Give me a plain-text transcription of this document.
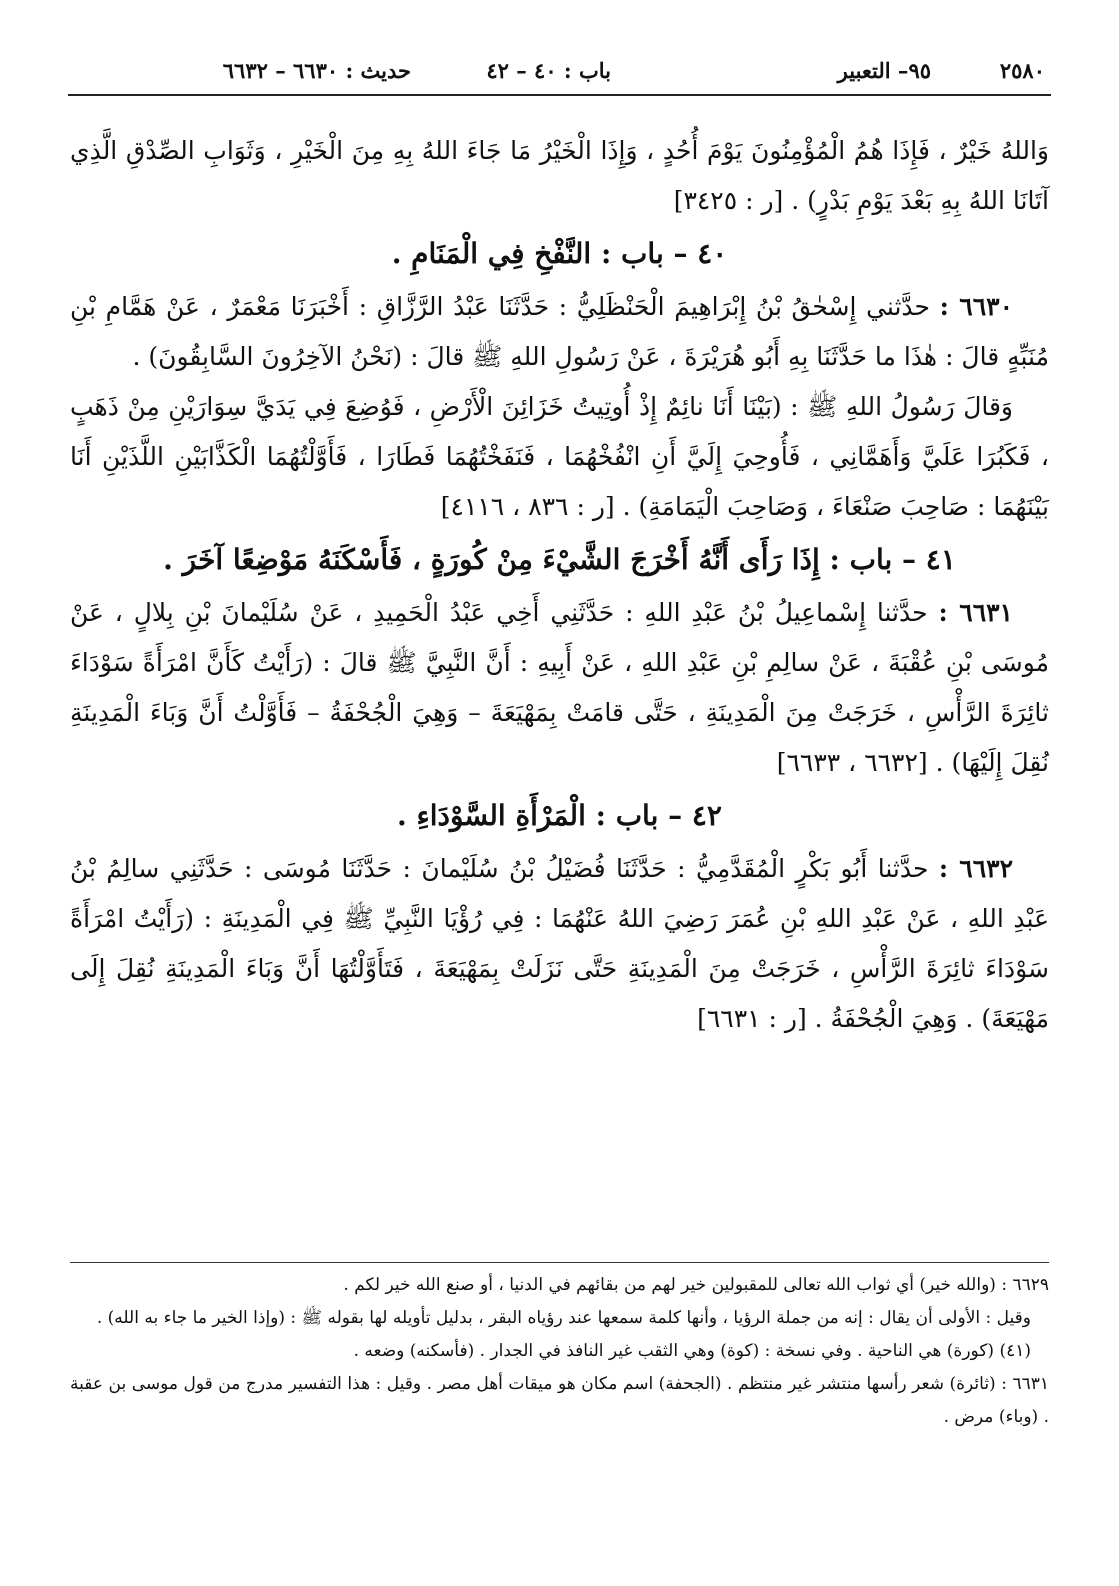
٢٥٨٠
٩٥– التعبير
باب : ٤٠ – ٤٢
حديث : ٦٦٣٠ – ٦٦٣٢

وَاللهُ خَيْرٌ ، فَإِذَا هُمُ الْمُؤْمِنُونَ يَوْمَ أُحُدٍ ، وَإِذَا الْخَيْرُ مَا جَاءَ اللهُ بِهِ مِنَ الْخَيْرِ ، وَثَوَابِ الصِّدْقِ الَّذِي آتَانَا اللهُ بِهِ بَعْدَ يَوْمِ بَدْرٍ) . [ر : ٣٤٢٥]

٤٠ – باب : النَّفْخِ فِي الْمَنَامِ .

٦٦٣٠ : حدَّثني إِسْحٰقُ بْنُ إِبْرَاهِيمَ الْحَنْظَلِيُّ : حَدَّثَنَا عَبْدُ الرَّزَّاقِ : أَخْبَرَنَا مَعْمَرٌ ، عَنْ هَمَّامِ بْنِ مُنَبِّهٍ قالَ : هٰذَا ما حَدَّثَنَا بِهِ أَبُو هُرَيْرَةَ ، عَنْ رَسُولِ اللهِ ﷺ قالَ : (نَحْنُ الآخِرُونَ السَّابِقُونَ) .

وَقالَ رَسُولُ اللهِ ﷺ : (بَيْنَا أَنَا نائِمٌ إِذْ أُوتِيتُ خَزَائِنَ الْأَرْضِ ، فَوُضِعَ فِي يَدَيَّ سِوَارَيْنِ مِنْ ذَهَبٍ ، فَكَبُرَا عَلَيَّ وَأَهَمَّانِي ، فَأُوحِيَ إِلَيَّ أَنِ انْفُخْهُمَا ، فَنَفَخْتُهُمَا فَطَارَا ، فَأَوَّلْتُهُمَا الْكَذَّابَيْنِ اللَّذَيْنِ أَنَا بَيْنَهُمَا : صَاحِبَ صَنْعَاءَ ، وَصَاحِبَ الْيَمَامَةِ) . [ر : ٨٣٦ ، ٤١١٦]

٤١ – باب : إِذَا رَأَى أَنَّهُ أَخْرَجَ الشَّيْءَ مِنْ كُورَةٍ ، فَأَسْكَنَهُ مَوْضِعًا آخَرَ .

٦٦٣١ : حدَّثنا إِسْماعِيلُ بْنُ عَبْدِ اللهِ : حَدَّثَنِي أَخِي عَبْدُ الْحَمِيدِ ، عَنْ سُلَيْمانَ بْنِ بِلالٍ ، عَنْ مُوسَى بْنِ عُقْبَةَ ، عَنْ سالِمِ بْنِ عَبْدِ اللهِ ، عَنْ أَبِيهِ : أَنَّ النَّبِيَّ ﷺ قالَ : (رَأَيْتُ كَأَنَّ امْرَأَةً سَوْدَاءَ ثائِرَةَ الرَّأْسِ ، خَرَجَتْ مِنَ الْمَدِينَةِ ، حَتَّى قامَتْ بِمَهْيَعَةَ – وَهِيَ الْجُحْفَةُ – فَأَوَّلْتُ أَنَّ وَبَاءَ الْمَدِينَةِ نُقِلَ إِلَيْهَا) . [٦٦٣٢ ، ٦٦٣٣]

٤٢ – باب : الْمَرْأَةِ السَّوْدَاءِ .

٦٦٣٢ : حدَّثنا أَبُو بَكْرٍ الْمُقَدَّمِيُّ : حَدَّثَنَا فُضَيْلُ بْنُ سُلَيْمانَ : حَدَّثَنَا مُوسَى : حَدَّثَنِي سالِمُ بْنُ عَبْدِ اللهِ ، عَنْ عَبْدِ اللهِ بْنِ عُمَرَ رَضِيَ اللهُ عَنْهُمَا : فِي رُؤْيَا النَّبِيِّ ﷺ فِي الْمَدِينَةِ : (رَأَيْتُ امْرَأَةً سَوْدَاءَ ثائِرَةَ الرَّأْسِ ، خَرَجَتْ مِنَ الْمَدِينَةِ حَتَّى نَزَلَتْ بِمَهْيَعَةَ ، فَتَأَوَّلْتُهَا أَنَّ وَبَاءَ الْمَدِينَةِ نُقِلَ إِلَى مَهْيَعَةَ) . وَهِيَ الْجُحْفَةُ . [ر : ٦٦٣١]

٦٦٢٩ : (والله خير) أي ثواب الله تعالى للمقبولين خير لهم من بقائهم في الدنيا ، أو صنع الله خير لكم .

وقيل : الأولى أن يقال : إنه من جملة الرؤيا ، وأنها كلمة سمعها عند رؤياه البقر ، بدليل تأويله لها بقوله ﷺ : (وإذا الخير ما جاء به الله) .

(٤١) (كورة) هي الناحية . وفي نسخة : (كوة) وهي الثقب غير النافذ في الجدار . (فأسكنه) وضعه .

٦٦٣١ : (ثائرة) شعر رأسها منتشر غير منتظم . (الجحفة) اسم مكان هو ميقات أهل مصر . وقيل : هذا التفسير مدرج من قول موسى بن عقبة . (وباء) مرض .
